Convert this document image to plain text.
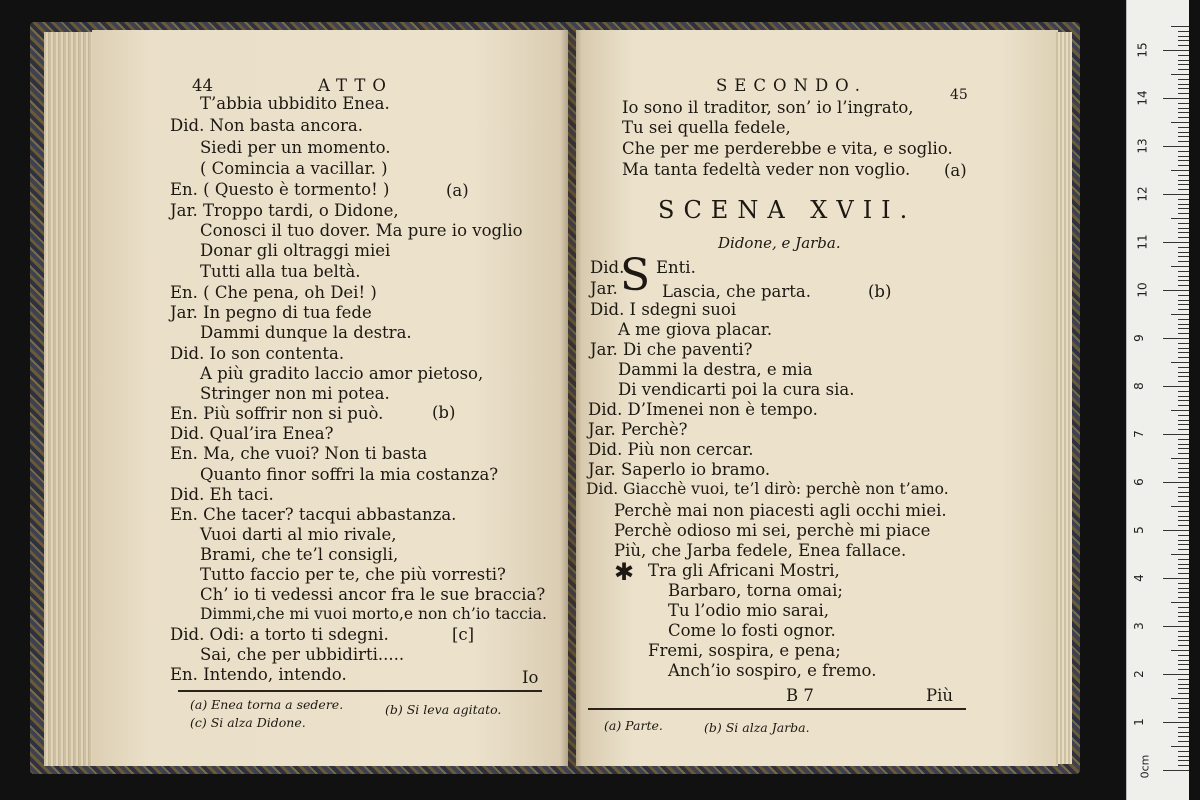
44	ATTO
T’abbia ubbidito Enea.
Did. Non basta ancora.
Siedi per un momento.
( Comincia a vacillar. )
En. ( Questo è tormento! )	(a)
Jar. Troppo tardi, o Didone,
Conosci il tuo dover. Ma pure io voglio
Donar gli oltraggi miei
Tutti alla tua beltà.
En. ( Che pena, oh Dei! )
Jar. In pegno di tua fede
Dammi dunque la destra.
Did. Io son contenta.
A più gradito laccio amor pietoso,
Stringer non mi potea.
En. Più soffrir non si può.	(b)
Did. Qual’ira Enea?
En. Ma, che vuoi? Non ti basta
Quanto finor soffri la mia costanza?
Did. Eh taci.
En. Che tacer? tacqui abbastanza.
Vuoi darti al mio rivale,
Brami, che te’l consigli,
Tutto faccio per te, che più vorresti?
Ch’ io ti vedessi ancor fra le sue braccia?
Dimmi,che mi vuoi morto,e non ch’io taccia.
Did. Odi: a torto ti sdegni.	[c]
Sai, che per ubbidirti.....
En. Intendo, intendo.	Io
(a) Enea torna a sedere.	(b) Si leva agitato.
(c) Si alza Didone.
SECONDO.	45
Io sono il traditor, son’ io l’ingrato,
Tu sei quella fedele,
Che per me perderebbe e vita, e soglio.
Ma tanta fedeltà veder non voglio. (a)
SCENA XVII.
Didone, e Jarba.
S
Did. Enti.
Jar.	Lascia, che parta.	(b)
Did. I sdegni suoi
A me giova placar.
Jar. Di che paventi?
Dammi la destra, e mia
Di vendicarti poi la cura sia.
Did. D’Imenei non è tempo.
Jar. Perchè?
Did. Più non cercar.
Jar. Saperlo io bramo.
Did. Giacchè vuoi, te’l dirò: perchè non t’amo.
Perchè mai non piacesti agli occhi miei.
Perchè odioso mi sei, perchè mi piace
Più, che Jarba fedele, Enea fallace.
✱ Tra gli Africani Mostri,
Barbaro, torna omai;
Tu l’odio mio sarai,
Come lo fosti ognor.
Fremi, sospira, e pena;
Anch’io sospiro, e fremo.
B 7	Più
(a) Parte.	(b) Si alza Jarba.
0cm
1
2
3
4
5
6
7
8
9
10
11
12
13
14
15
